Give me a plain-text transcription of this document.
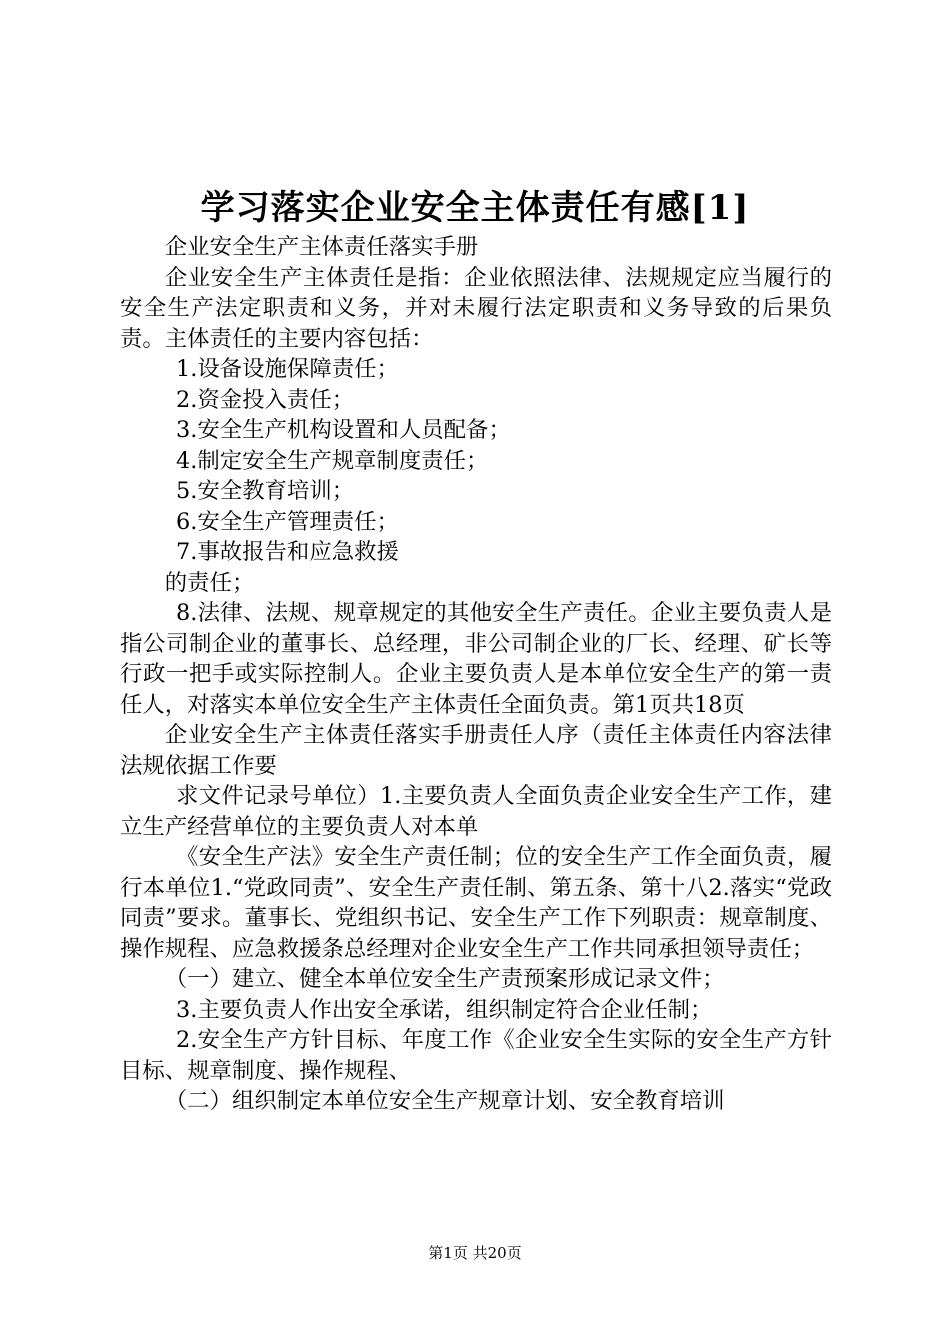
学习落实企业安全主体责任有感[1]

企业安全生产主体责任落实手册

企业安全生产主体责任是指：企业依照法律、法规规定应当履行的安全生产法定职责和义务，并对未履行法定职责和义务导致的后果负责。主体责任的主要内容包括：

1.设备设施保障责任；

2.资金投入责任；

3.安全生产机构设置和人员配备；

4.制定安全生产规章制度责任；

5.安全教育培训；

6.安全生产管理责任；

7.事故报告和应急救援

的责任；

8.法律、法规、规章规定的其他安全生产责任。企业主要负责人是指公司制企业的董事长、总经理，非公司制企业的厂长、经理、矿长等行政一把手或实际控制人。企业主要负责人是本单位安全生产的第一责任人，对落实本单位安全生产主体责任全面负责。第1页共18页

企业安全生产主体责任落实手册责任人序（责任主体责任内容法律法规依据工作要

求文件记录号单位）1.主要负责人全面负责企业安全生产工作，建立生产经营单位的主要负责人对本单

《安全生产法》安全生产责任制；位的安全生产工作全面负责，履行本单位1.“党政同责”、安全生产责任制、第五条、第十八2.落实“党政同责”要求。董事长、党组织书记、安全生产工作下列职责：规章制度、操作规程、应急救援条总经理对企业安全生产工作共同承担领导责任；

（一）建立、健全本单位安全生产责预案形成记录文件；

3.主要负责人作出安全承诺，组织制定符合企业任制；

2.安全生产方针目标、年度工作《企业安全生实际的安全生产方针目标、规章制度、操作规程、

（二）组织制定本单位安全生产规章计划、安全教育培训

第1页 共20页
